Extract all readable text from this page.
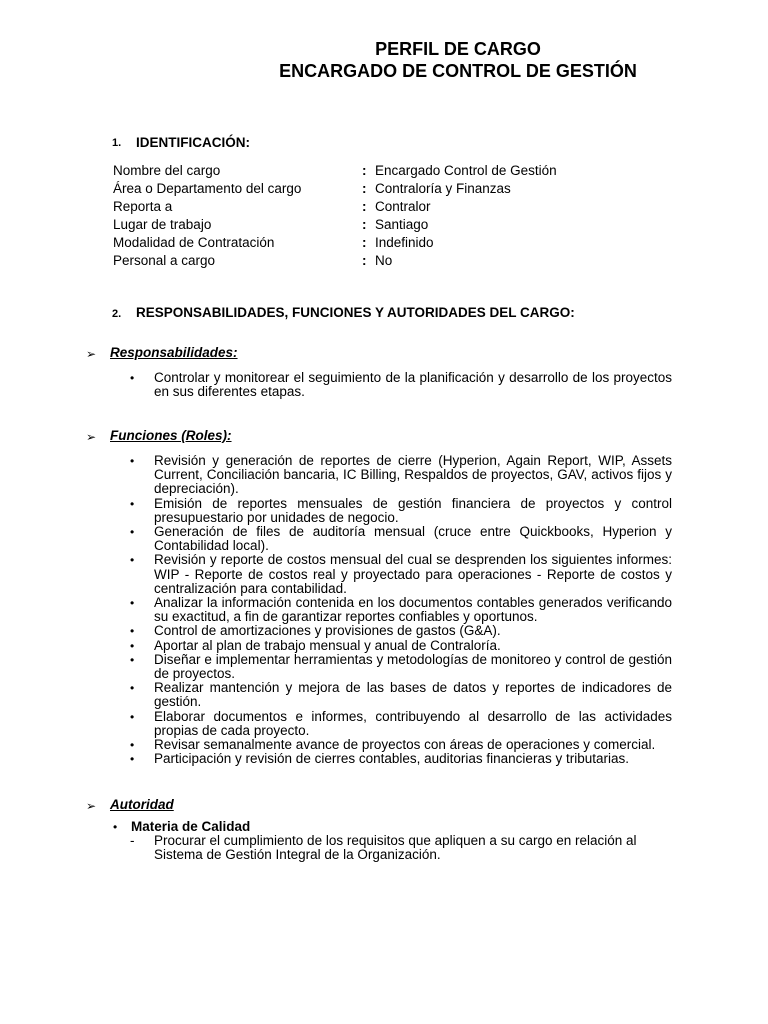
PERFIL DE CARGO
ENCARGADO DE CONTROL DE GESTIÓN
1. IDENTIFICACIÓN:
Nombre del cargo	: Encargado Control de Gestión
Área o Departamento del cargo	: Contraloría y Finanzas
Reporta a	: Contralor
Lugar de trabajo	: Santiago
Modalidad de Contratación	: Indefinido
Personal a cargo	: No
2. RESPONSABILIDADES, FUNCIONES Y AUTORIDADES DEL CARGO:
➢ Responsabilidades:
• Controlar y monitorear el seguimiento de la planificación y desarrollo de los proyectos en sus diferentes etapas.
➢ Funciones (Roles):
• Revisión y generación de reportes de cierre (Hyperion, Again Report, WIP, Assets Current, Conciliación bancaria, IC Billing, Respaldos de proyectos, GAV, activos fijos y depreciación).
• Emisión de reportes mensuales de gestión financiera de proyectos y control presupuestario por unidades de negocio.
• Generación de files de auditoría mensual (cruce entre Quickbooks, Hyperion y Contabilidad local).
• Revisión y reporte de costos mensual del cual se desprenden los siguientes informes: WIP - Reporte de costos real y proyectado para operaciones - Reporte de costos y centralización para contabilidad.
• Analizar la información contenida en los documentos contables generados verificando su exactitud, a fin de garantizar reportes confiables y oportunos.
• Control de amortizaciones y provisiones de gastos (G&A).
• Aportar al plan de trabajo mensual y anual de Contraloría.
• Diseñar e implementar herramientas y metodologías de monitoreo y control de gestión de proyectos.
• Realizar mantención y mejora de las bases de datos y reportes de indicadores de gestión.
• Elaborar documentos e informes, contribuyendo al desarrollo de las actividades propias de cada proyecto.
• Revisar semanalmente avance de proyectos con áreas de operaciones y comercial.
• Participación y revisión de cierres contables, auditorias financieras y tributarias.
➢ Autoridad
• Materia de Calidad
- Procurar el cumplimiento de los requisitos que apliquen a su cargo en relación al Sistema de Gestión Integral de la Organización.
